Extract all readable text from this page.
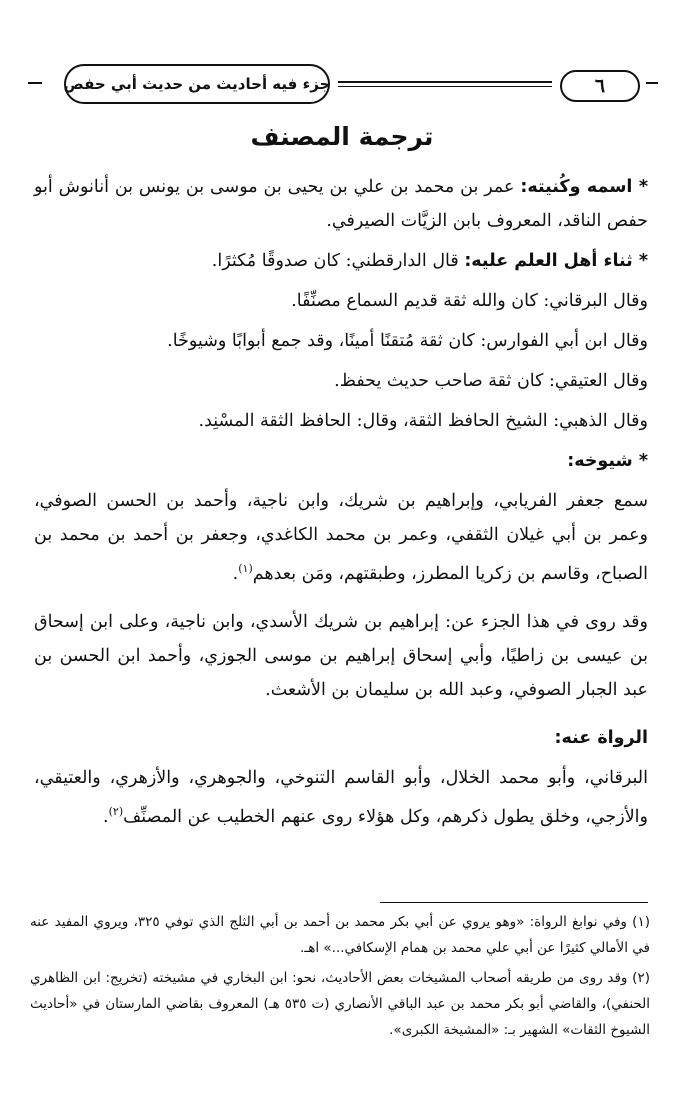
جزء فيه أحاديث من حديث أبي حفص	٦
ترجمة المصنف

* اسمه وكُنيته: عمر بن محمد بن علي بن يحيى بن موسى بن يونس بن أنانوش أبو حفص الناقد، المعروف بابن الزيَّات الصيرفي.

* ثناء أهل العلم عليه: قال الدارقطني: كان صدوقًا مُكثرًا.

وقال البرقاني: كان والله ثقة قديم السماع مصنِّفًا.

وقال ابن أبي الفوارس: كان ثقة مُتقنًا أمينًا، وقد جمع أبوابًا وشيوخًا.

وقال العتيقي: كان ثقة صاحب حديث يحفظ.

وقال الذهبي: الشيخ الحافظ الثقة، وقال: الحافظ الثقة المسْنِد.

* شيوخه:

سمع جعفر الفريابي، وإبراهيم بن شريك، وابن ناجية، وأحمد بن الحسن الصوفي، وعمر بن أبي غيلان الثقفي، وعمر بن محمد الكاغدي، وجعفر بن أحمد بن محمد بن الصباح، وقاسم بن زكريا المطرز، وطبقتهم، ومَن بعدهم$^{(١)}$.

وقد روى في هذا الجزء عن: إبراهيم بن شريك الأسدي، وابن ناجية، وعلى ابن إسحاق بن عيسى بن زاطيًا، وأبي إسحاق إبراهيم بن موسى الجوزي، وأحمد ابن الحسن بن عبد الجبار الصوفي، وعبد الله بن سليمان بن الأشعث.

الرواة عنه:

البرقاني، وأبو محمد الخلال، وأبو القاسم التنوخي، والجوهري، والأزهري، والعتيقي، والأزجي، وخلق يطول ذكرهم، وكل هؤلاء روى عنهم الخطيب عن المصنِّف$^{(٢)}$.

(١) وفي نوابغ الرواة: «وهو يروي عن أبي بكر محمد بن أحمد بن أبي الثلج الذي توفي ٣٢٥، ويروي المفيد عنه في الأمالي كثيرًا عن أبي علي محمد بن همام الإسكافي...» اهـ.

(٢) وقد روى من طريقه أصحاب المشيخات بعض الأحاديث، نحو: ابن البخاري في مشيخته (تخريج: ابن الظاهري الحنفي)، والقاضي أبو بكر محمد بن عبد الباقي الأنصاري (ت ٥٣٥ هـ) المعروف بقاضي المارستان في «أحاديث الشيوخ الثقات» الشهير بـ: «المشيخة الكبرى».
